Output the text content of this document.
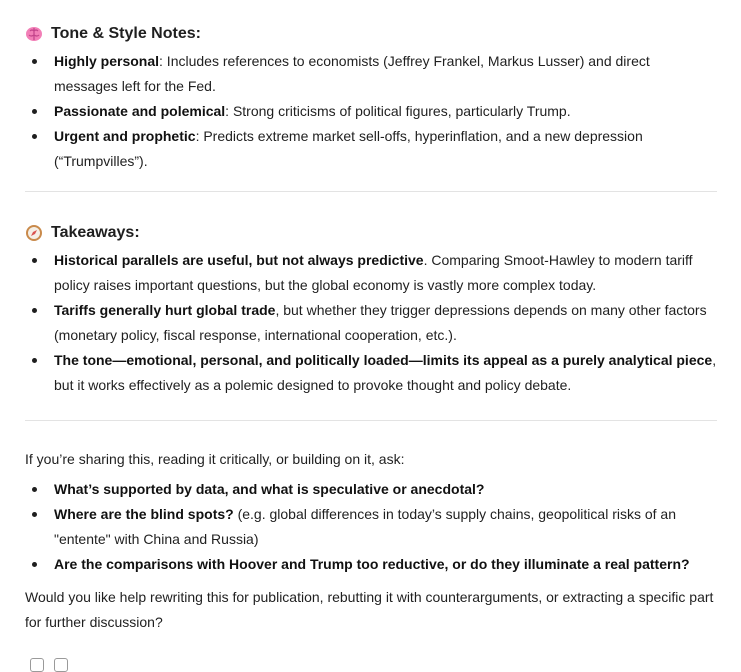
Tone & Style Notes:
Highly personal: Includes references to economists (Jeffrey Frankel, Markus Lusser) and direct messages left for the Fed.
Passionate and polemical: Strong criticisms of political figures, particularly Trump.
Urgent and prophetic: Predicts extreme market sell-offs, hyperinflation, and a new depression (“Trumpvilles”).
Takeaways:
Historical parallels are useful, but not always predictive. Comparing Smoot-Hawley to modern tariff policy raises important questions, but the global economy is vastly more complex today.
Tariffs generally hurt global trade, but whether they trigger depressions depends on many other factors (monetary policy, fiscal response, international cooperation, etc.).
The tone—emotional, personal, and politically loaded—limits its appeal as a purely analytical piece, but it works effectively as a polemic designed to provoke thought and policy debate.

If you’re sharing this, reading it critically, or building on it, ask:

What’s supported by data, and what is speculative or anecdotal?
Where are the blind spots? (e.g. global differences in today’s supply chains, geopolitical risks of an "entente" with China and Russia)
Are the comparisons with Hoover and Trump too reductive, or do they illuminate a real pattern?

Would you like help rewriting this for publication, rebutting it with counterarguments, or extracting a specific part for further discussion?
